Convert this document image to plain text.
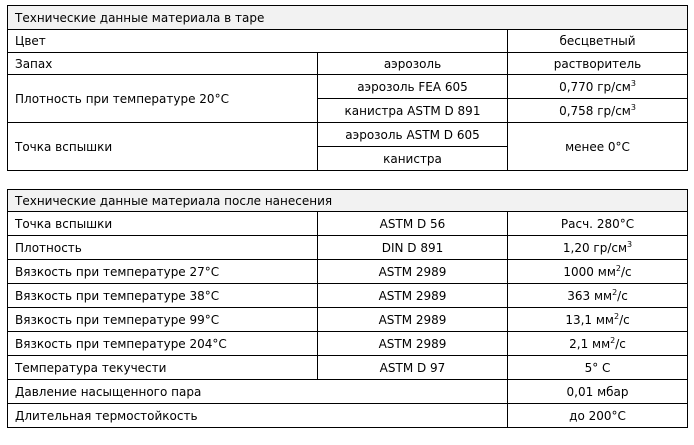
Технические данные материала в таре		
Цвет		бесцветный
Запах	аэрозоль	растворитель
Плотность при температуре 20°C	аэрозоль FEA 605	0,770 $гр/см^3$
	канистра ASTM D 891	0,758 $гр/см^3$
Точка вспышки	аэрозоль ASTM D 605	менее 0°C
	канистра	
Технические данные материала после нанесения		
Точка вспышки	ASTM D 56	Расч. 280°C
Плотность	DIN D 891	1,20 $гр/см^3$
Вязкость при температуре 27°C	ASTM 2989	1000 $мм^2/с$
Вязкость при температуре 38°C	ASTM 2989	363 $мм^2/с$
Вязкость при температуре 99°C	ASTM 2989	13,1 $мм^2/с$
Вязкость при температуре 204°C	ASTM 2989	2,1 $мм^2/с$
Температура текучести	ASTM D 97	5° C
Давление насыщенного пара		0,01 мбар
Длительная термостойкость		до 200°C
